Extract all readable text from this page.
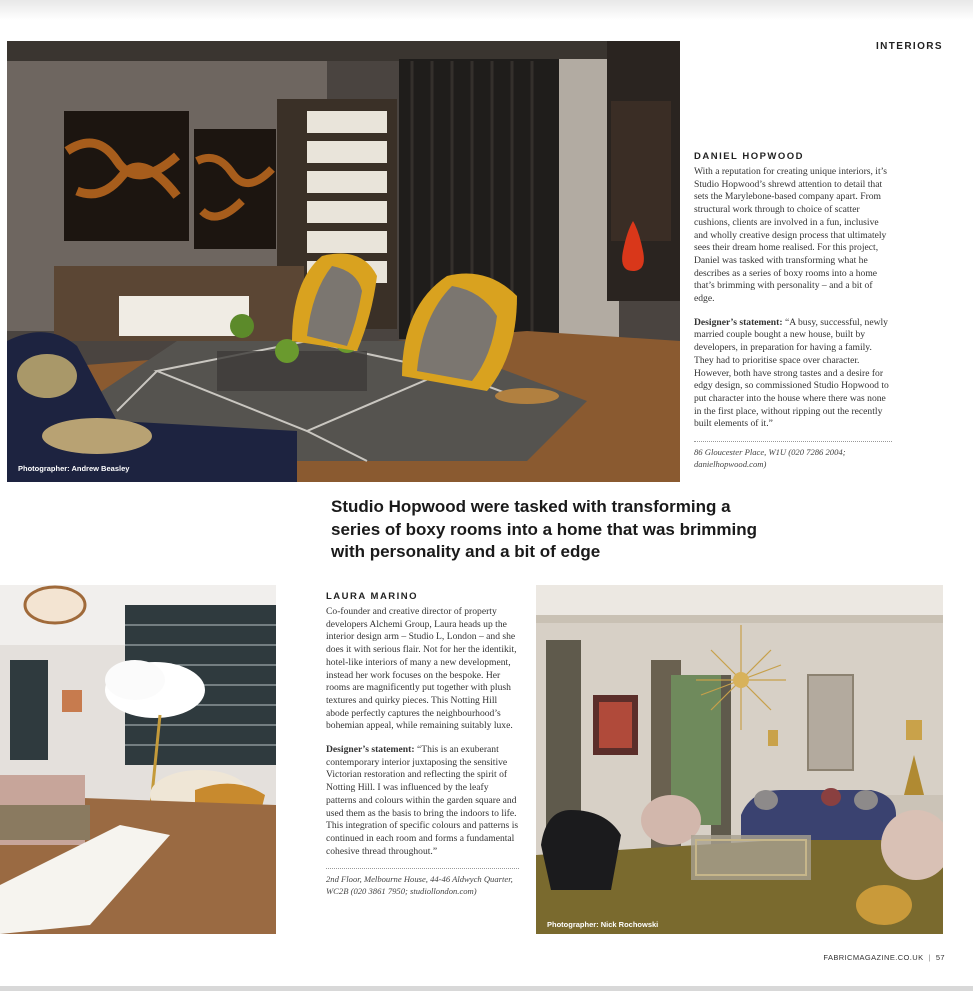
INTERIORS
Photographer: Andrew Beasley
DANIEL HOPWOOD

With a reputation for creating unique interiors, it’s Studio Hopwood’s shrewd attention to detail that sets the Marylebone-based company apart. From structural work through to choice of scatter cushions, clients are involved in a fun, inclusive and wholly creative design process that ultimately sees their dream home realised. For this project, Daniel was tasked with transforming what he describes as a series of boxy rooms into a home that’s brimming with personality – and a bit of edge.

Designer’s statement: “A busy, successful, newly married couple bought a new house, built by developers, in preparation for having a family. They had to prioritise space over character. However, both have strong tastes and a desire for edgy design, so commissioned Studio Hopwood to put character into the house where there was none in the first place, without ripping out the recently built elements of it.”

86 Gloucester Place, W1U (020 7286 2004; danielhopwood.com)
Studio Hopwood were tasked with transforming a series of boxy rooms into a home that was brimming with personality and a bit of edge
LAURA MARINO

Co-founder and creative director of property developers Alchemi Group, Laura heads up the interior design arm – Studio L, London – and she does it with serious flair. Not for her the identikit, hotel-like interiors of many a new development, instead her work focuses on the bespoke. Her rooms are magnificently put together with plush textures and quirky pieces. This Notting Hill abode perfectly captures the neighbourhood’s bohemian appeal, while remaining suitably luxe.

Designer’s statement: “This is an exuberant contemporary interior juxtaposing the sensitive Victorian restoration and reflecting the spirit of Notting Hill. I was influenced by the leafy patterns and colours within the garden square and used them as the basis to bring the indoors to life. This integration of specific colours and patterns is continued in each room and forms a fundamental cohesive thread throughout.”

2nd Floor, Melbourne House, 44-46 Aldwych Quarter, WC2B (020 3861 7950; studiollondon.com)
Photographer: Nick Rochowski
FABRICMAGAZINE.CO.UK | 57
